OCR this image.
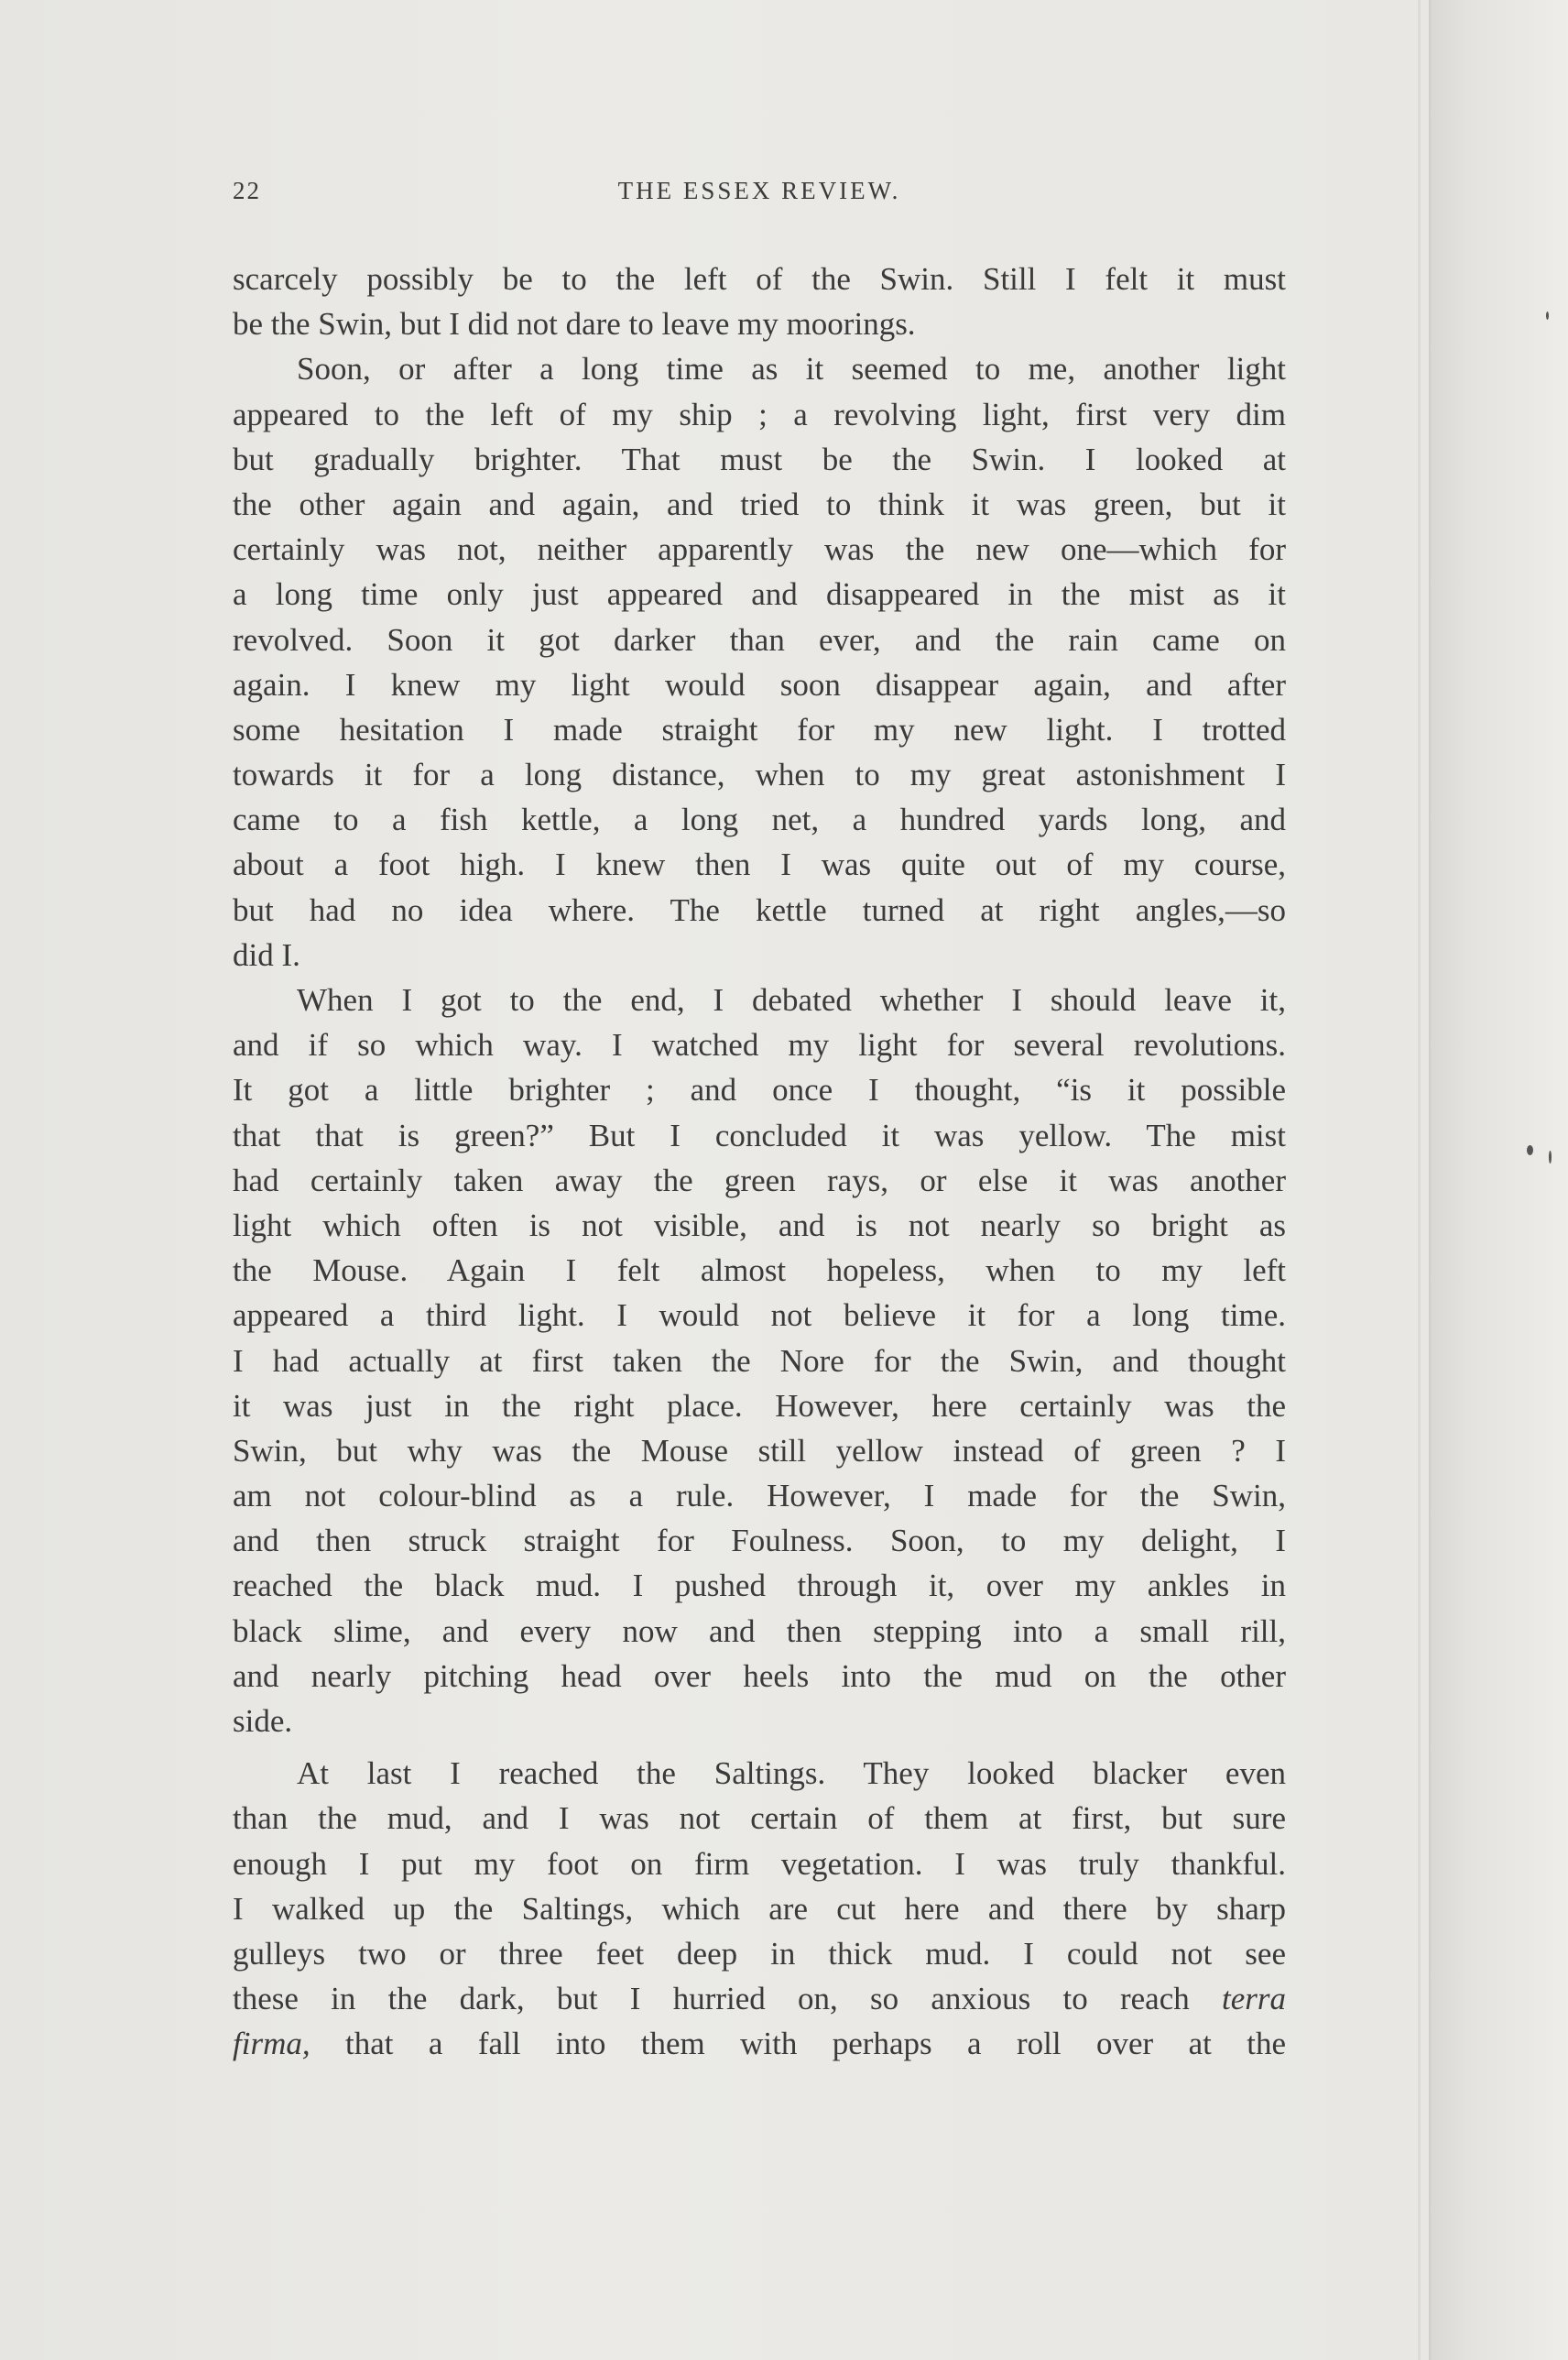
22	THE ESSEX REVIEW.
scarcely possibly be to the left of the Swin. Still I felt it must
be the Swin, but I did not dare to leave my moorings.
Soon, or after a long time as it seemed to me, another light
appeared to the left of my ship ; a revolving light, first very dim
but gradually brighter. That must be the Swin. I looked at
the other again and again, and tried to think it was green, but it
certainly was not, neither apparently was the new one—which for
a long time only just appeared and disappeared in the mist as it
revolved. Soon it got darker than ever, and the rain came on
again. I knew my light would soon disappear again, and after
some hesitation I made straight for my new light. I trotted
towards it for a long distance, when to my great astonishment I
came to a fish kettle, a long net, a hundred yards long, and
about a foot high. I knew then I was quite out of my course,
but had no idea where. The kettle turned at right angles,—so
did I.
When I got to the end, I debated whether I should leave it,
and if so which way. I watched my light for several revolutions.
It got a little brighter ; and once I thought, “is it possible
that that is green?” But I concluded it was yellow. The mist
had certainly taken away the green rays, or else it was another
light which often is not visible, and is not nearly so bright as
the Mouse. Again I felt almost hopeless, when to my left
appeared a third light. I would not believe it for a long time.
I had actually at first taken the Nore for the Swin, and thought
it was just in the right place. However, here certainly was the
Swin, but why was the Mouse still yellow instead of green ? I
am not colour-blind as a rule. However, I made for the Swin,
and then struck straight for Foulness. Soon, to my delight, I
reached the black mud. I pushed through it, over my ankles in
black slime, and every now and then stepping into a small rill,
and nearly pitching head over heels into the mud on the other
side.
At last I reached the Saltings. They looked blacker even
than the mud, and I was not certain of them at first, but sure
enough I put my foot on firm vegetation. I was truly thankful.
I walked up the Saltings, which are cut here and there by sharp
gulleys two or three feet deep in thick mud. I could not see
these in the dark, but I hurried on, so anxious to reach terra
firma, that a fall into them with perhaps a roll over at the
